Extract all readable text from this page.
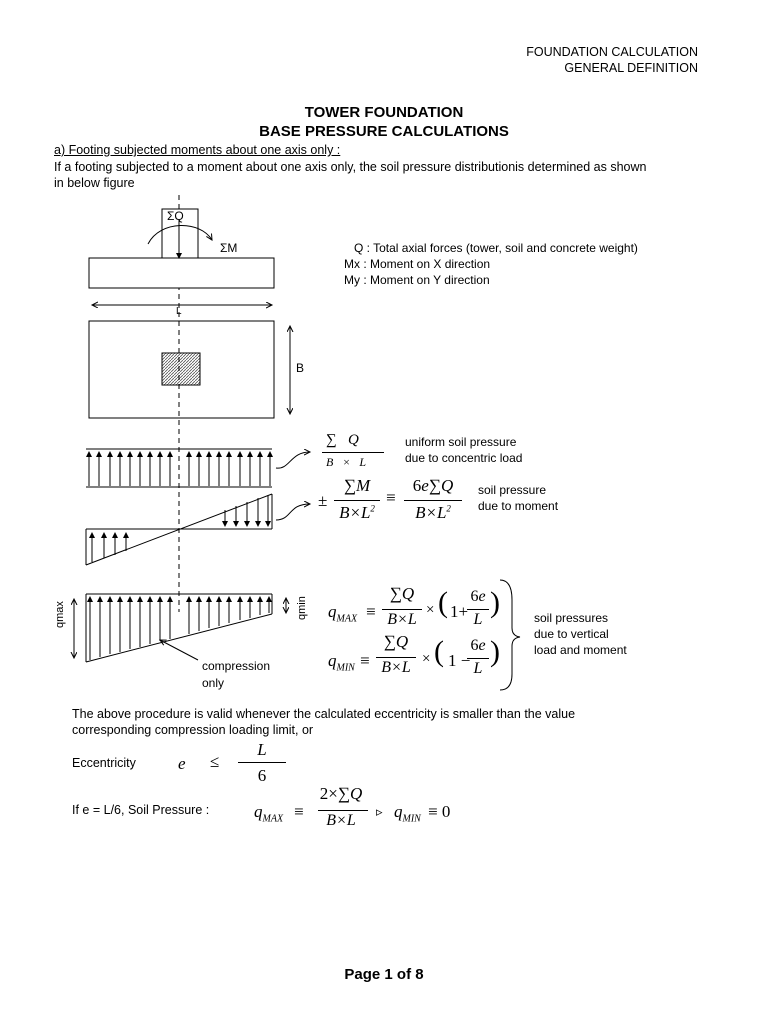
FOUNDATION CALCULATION
GENERAL DEFINITION
TOWER FOUNDATION
BASE PRESSURE CALCULATIONS
a) Footing subjected moments about one axis only :
If a footing subjected to a moment about one axis only, the soil pressure distributionis determined as shown
in below figure
ΣQ
ΣM
L
B
qmax	qmin
compression
only
Q : Total axial forces (tower, soil and concrete weight)
Mx : Moment on X direction
My : Moment on Y direction
∑   Q
B × L
uniform soil pressure
due to concentric load
±
∑M
$B\times L^2$
≡
6e∑Q
$B\times L^2$
soil pressure
due to moment
$q_{MAX}$ ≡
∑Q
B×L
× ( 1+
6e
L
)
$q_{MIN}$ ≡
∑Q
B×L × ( 1 −
6e
L
)
soil pressures
due to vertical
load and moment
The above procedure is valid whenever the calculated eccentricity is smaller than the value
corresponding compression loading limit, or
Eccentricity e ≤
L
6
If e = L/6, Soil Pressure :	$q_{MAX}$ ≡
2×∑Q
B×L
▹ $q_{MIN} \equiv 0$
Page 1 of 8
